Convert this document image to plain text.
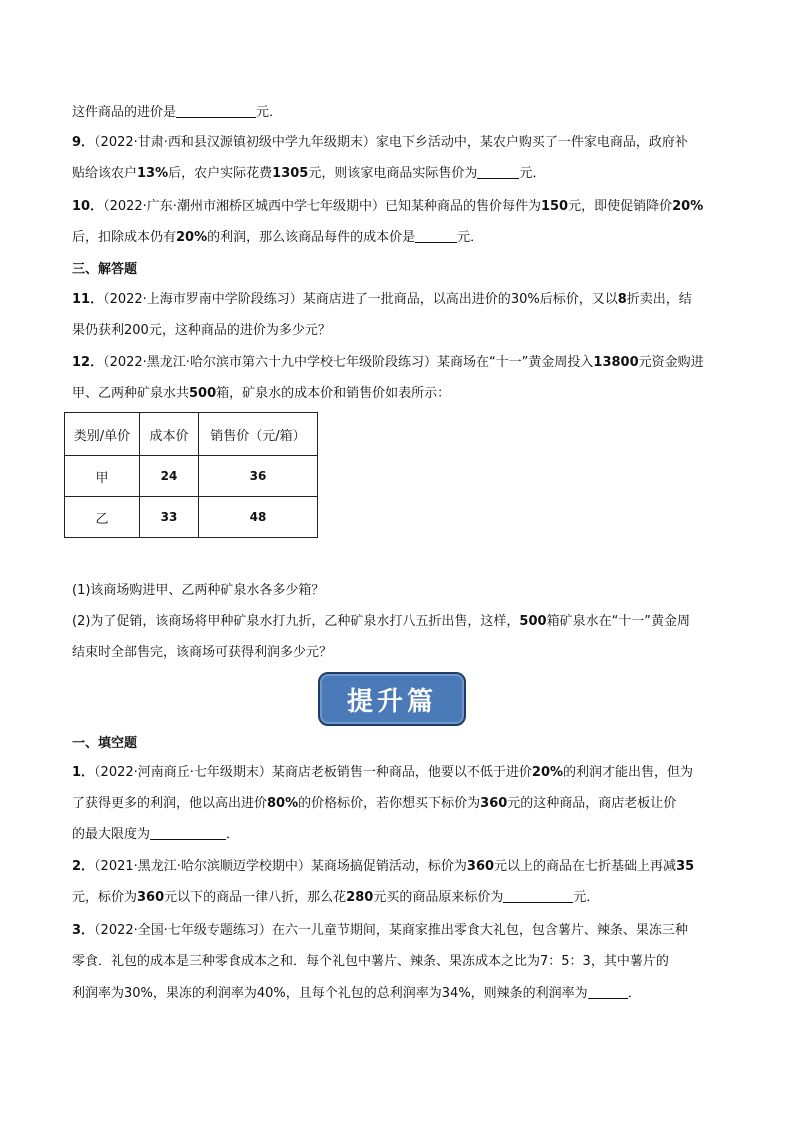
这件商品的进价是	元．
9．（2022·甘肃·西和县汉源镇初级中学九年级期末）家电下乡活动中，某农户购买了一件家电商品，政府补
贴给该农户13%后，农户实际花费1305元，则该家电商品实际售价为	元．
10．（2022·广东·潮州市湘桥区城西中学七年级期中）已知某种商品的售价每件为150元，即使促销降价20%
后，扣除成本仍有20%的利润，那么该商品每件的成本价是	元．
三、解答题
11．（2022·上海市罗南中学阶段练习）某商店进了一批商品，以高出进价的30%后标价，又以8折卖出，结
果仍获利200元，这种商品的进价为多少元？
12．（2022·黑龙江·哈尔滨市第六十九中学校七年级阶段练习）某商场在“十一”黄金周投入13800元资金购进
甲、乙两种矿泉水共500箱，矿泉水的成本价和销售价如表所示：
类别/单价	成本价	销售价（元/箱）
甲	24	36
乙	33	48
(1)该商场购进甲、乙两种矿泉水各多少箱？
(2)为了促销，该商场将甲种矿泉水打九折，乙种矿泉水打八五折出售，这样，500箱矿泉水在“十一”黄金周
结束时全部售完，该商场可获得利润多少元？
提升篇
一、填空题
1．（2022·河南商丘·七年级期末）某商店老板销售一种商品，他要以不低于进价20%的利润才能出售，但为
了获得更多的利润，他以高出进价80%的价格标价，若你想买下标价为360元的这种商品，商店老板让价
的最大限度为	．
2．（2021·黑龙江·哈尔滨顺迈学校期中）某商场搞促销活动，标价为360元以上的商品在七折基础上再减35
元，标价为360元以下的商品一律八折，那么花280元买的商品原来标价为	元．
3．（2022·全国·七年级专题练习）在六一儿童节期间，某商家推出零食大礼包，包含薯片、辣条、果冻三种
零食．礼包的成本是三种零食成本之和．每个礼包中薯片、辣条、果冻成本之比为7：5：3，其中薯片的
利润率为30%，果冻的利润率为40%，且每个礼包的总利润率为34%，则辣条的利润率为	．
